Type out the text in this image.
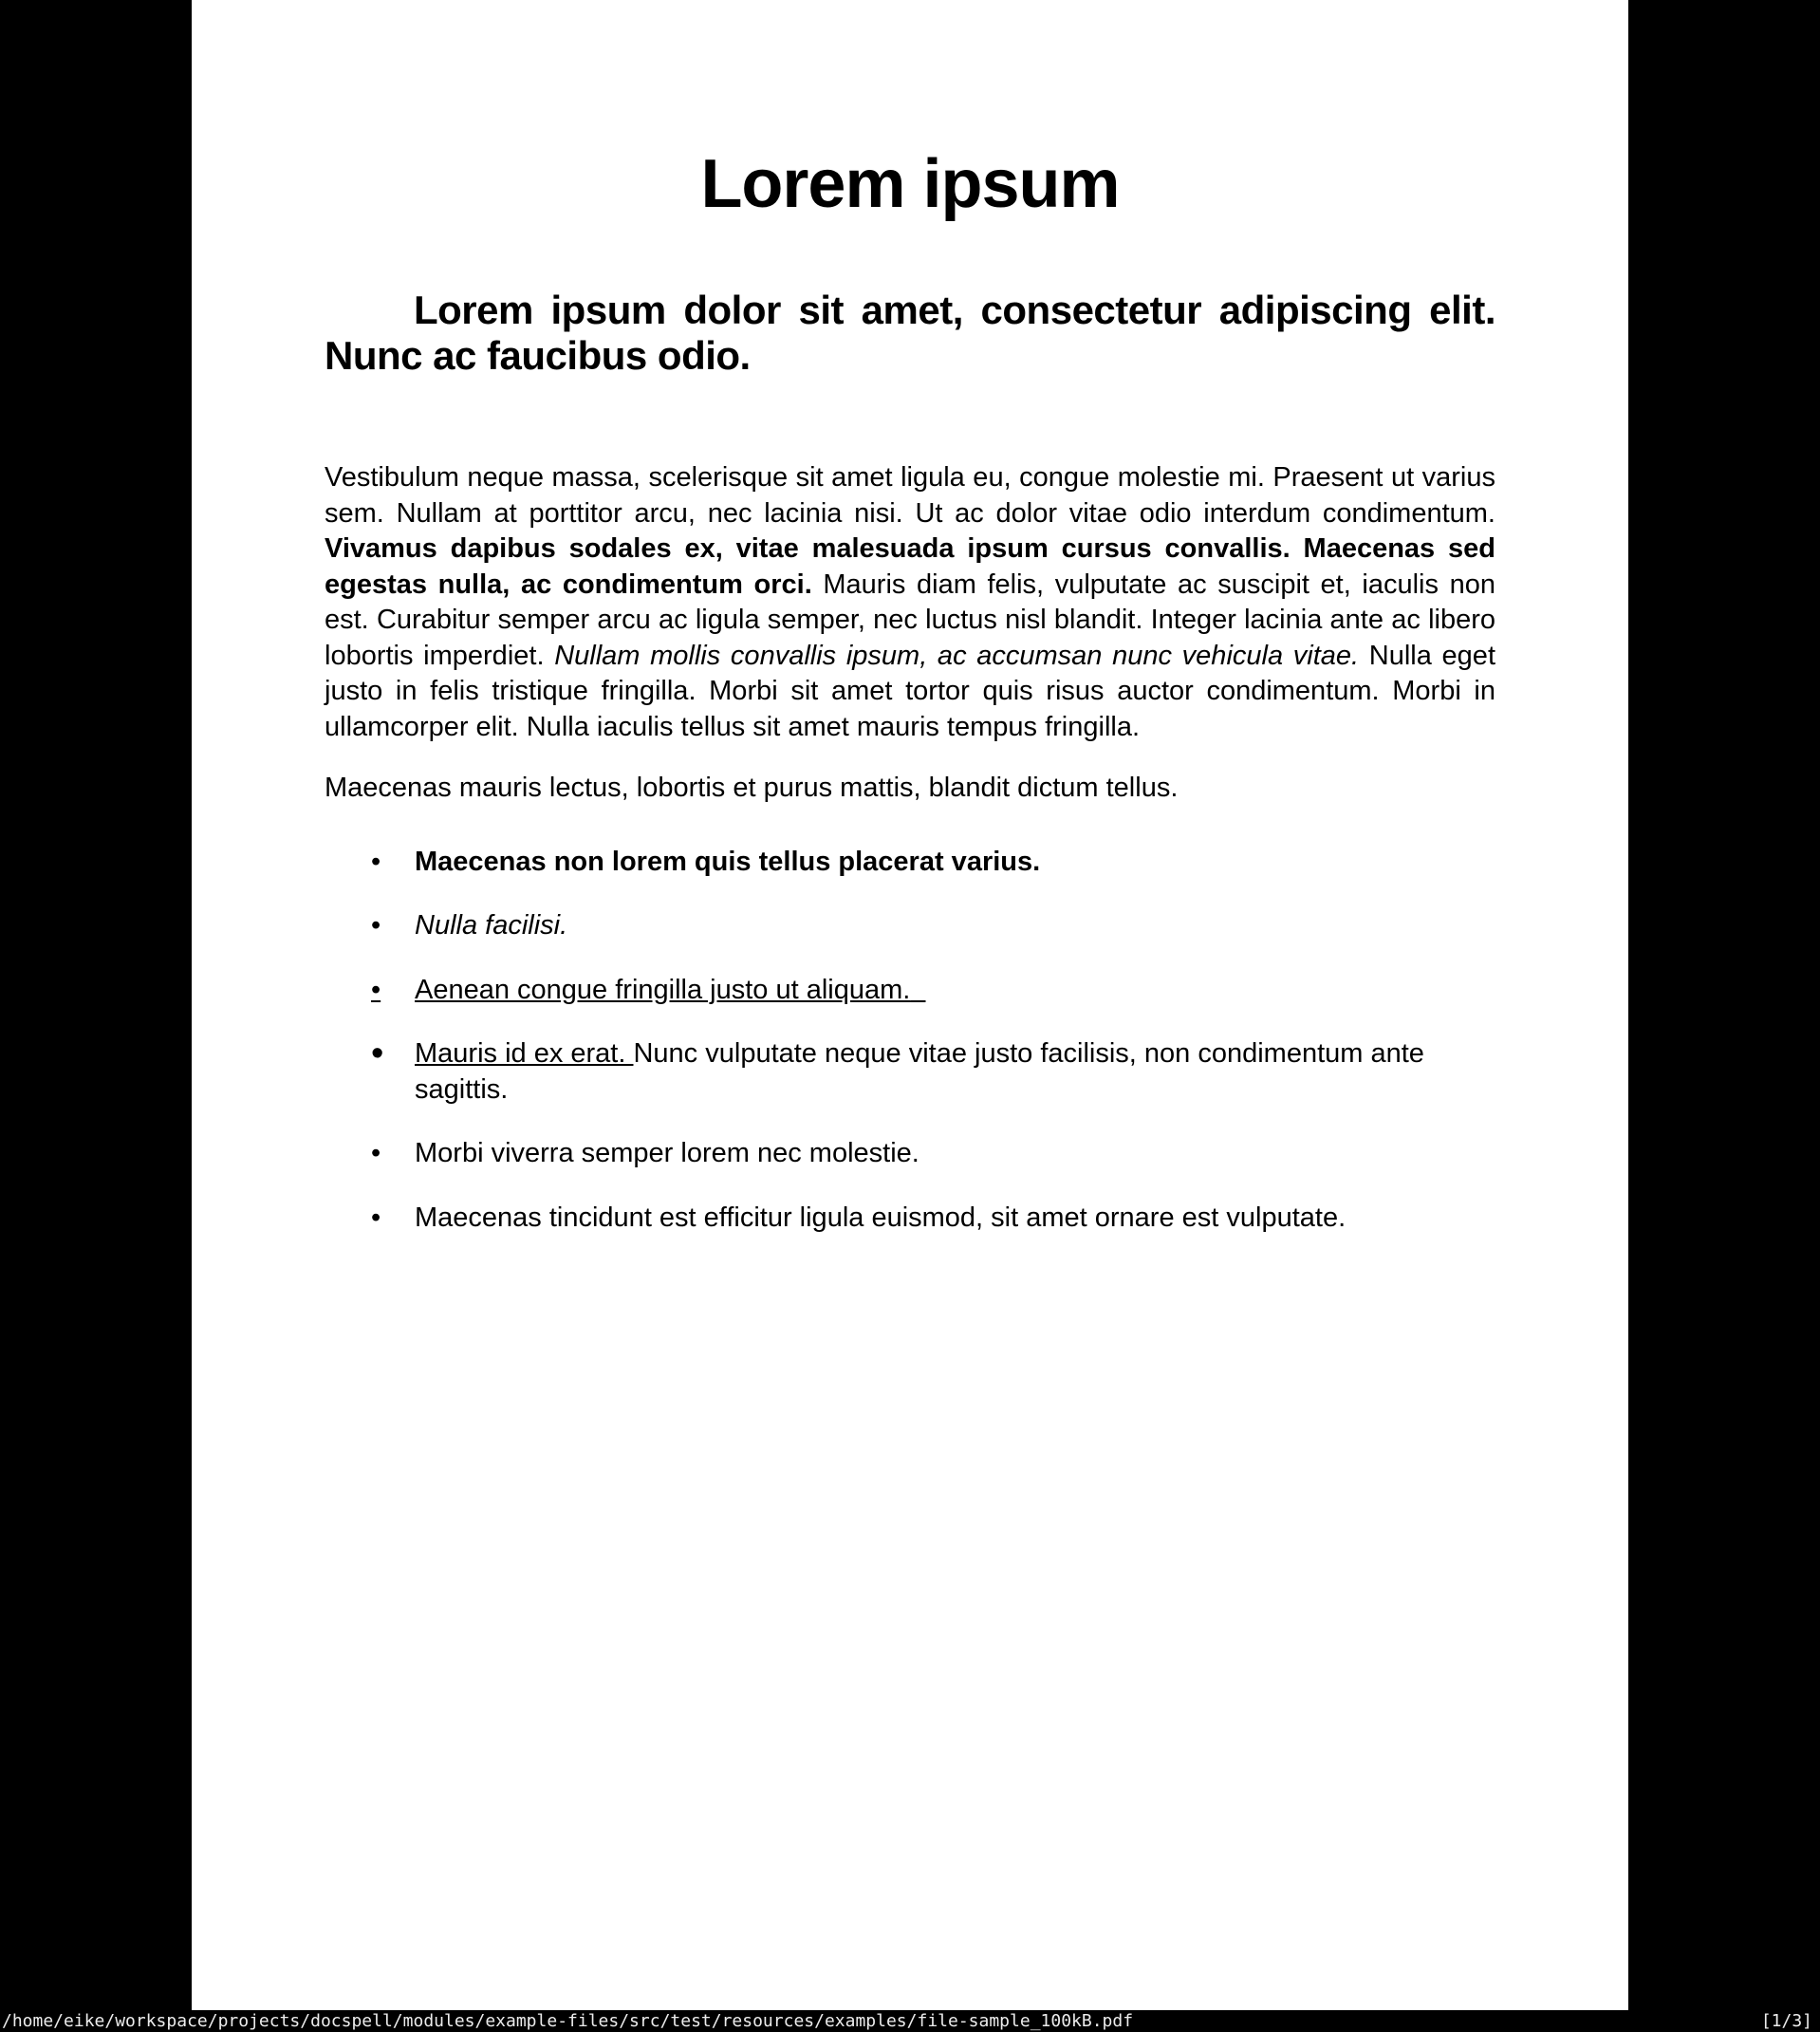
Lorem ipsum
Lorem ipsum dolor sit amet, consectetur adipiscing elit. Nunc ac faucibus odio.

Vestibulum neque massa, scelerisque sit amet ligula eu, congue molestie mi. Praesent ut varius sem. Nullam at porttitor arcu, nec lacinia nisi. Ut ac dolor vitae odio interdum condimentum. Vivamus dapibus sodales ex, vitae malesuada ipsum cursus convallis. Maecenas sed egestas nulla, ac condimentum orci. Mauris diam felis, vulputate ac suscipit et, iaculis non est. Curabitur semper arcu ac ligula semper, nec luctus nisl blandit. Integer lacinia ante ac libero lobortis imperdiet. Nullam mollis convallis ipsum, ac accumsan nunc vehicula vitae. Nulla eget justo in felis tristique fringilla. Morbi sit amet tortor quis risus auctor condimentum. Morbi in ullamcorper elit. Nulla iaculis tellus sit amet mauris tempus fringilla.

Maecenas mauris lectus, lobortis et purus mattis, blandit dictum tellus.

• Maecenas non lorem quis tellus placerat varius.
• Nulla facilisi.
• Aenean congue fringilla justo ut aliquam.
• Mauris id ex erat. Nunc vulputate neque vitae justo facilisis, non condimentum ante sagittis.
• Morbi viverra semper lorem nec molestie.
• Maecenas tincidunt est efficitur ligula euismod, sit amet ornare est vulputate.
/home/eike/workspace/projects/docspell/modules/example-files/src/test/resources/examples/file-sample_100kB.pdf	[1/3]
